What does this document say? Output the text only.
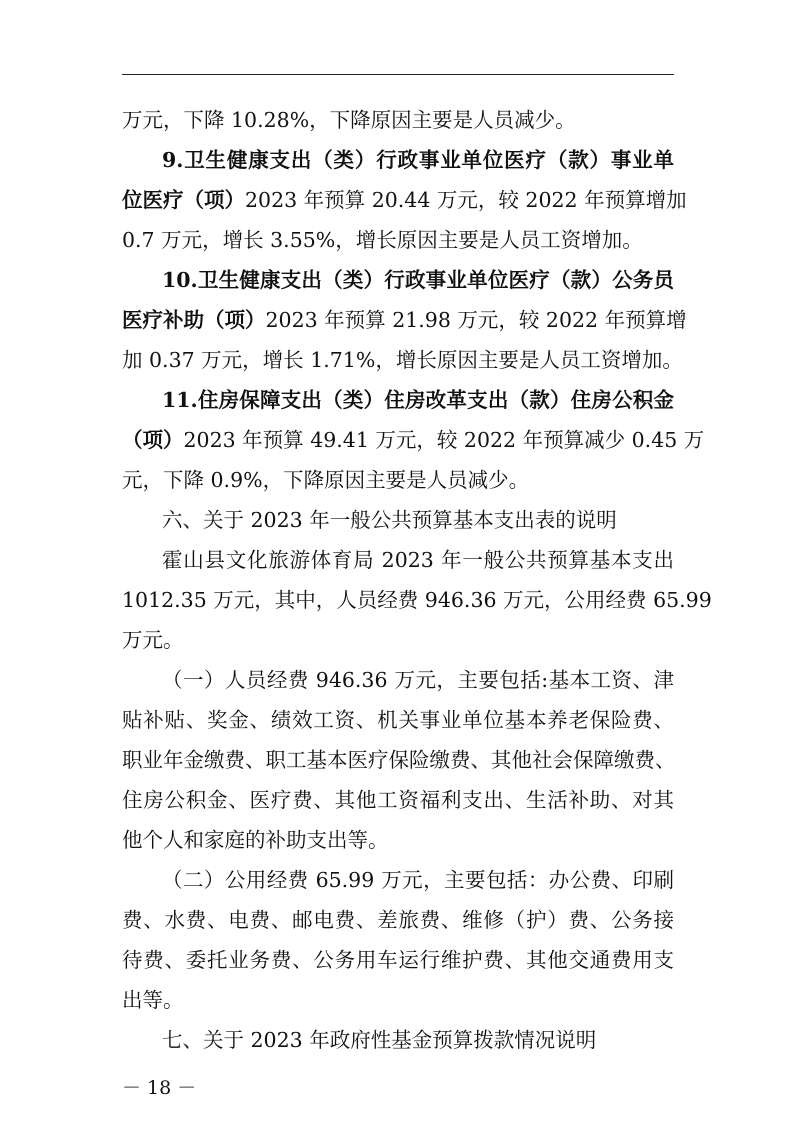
万元，下降 10.28%，下降原因主要是人员减少。
9.卫生健康支出（类）行政事业单位医疗（款）事业单
位医疗（项）2023 年预算 20.44 万元，较 2022 年预算增加
0.7 万元，增长 3.55%，增长原因主要是人员工资增加。
10.卫生健康支出（类）行政事业单位医疗（款）公务员
医疗补助（项）2023 年预算 21.98 万元，较 2022 年预算增
加 0.37 万元，增长 1.71%，增长原因主要是人员工资增加。
11.住房保障支出（类）住房改革支出（款）住房公积金
（项）2023 年预算 49.41 万元，较 2022 年预算减少 0.45 万
元，下降 0.9%，下降原因主要是人员减少。
六、关于 2023 年一般公共预算基本支出表的说明
霍山县文化旅游体育局 2023 年一般公共预算基本支出
1012.35 万元，其中，人员经费 946.36 万元，公用经费 65.99
万元。
（一）人员经费 946.36 万元，主要包括:基本工资、津
贴补贴、奖金、绩效工资、机关事业单位基本养老保险费、
职业年金缴费、职工基本医疗保险缴费、其他社会保障缴费、
住房公积金、医疗费、其他工资福利支出、生活补助、对其
他个人和家庭的补助支出等。
（二）公用经费 65.99 万元，主要包括：办公费、印刷
费、水费、电费、邮电费、差旅费、维修（护）费、公务接
待费、委托业务费、公务用车运行维护费、其他交通费用支
出等。
七、关于 2023 年政府性基金预算拨款情况说明
－ 18 －
